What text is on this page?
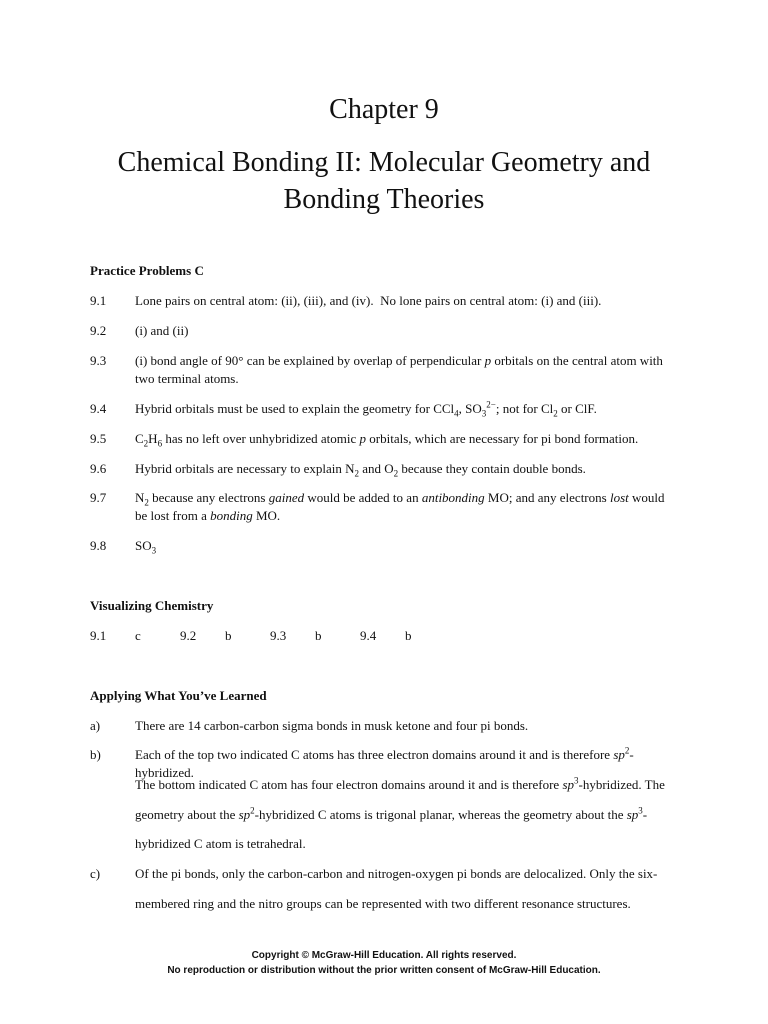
Chapter 9
Chemical Bonding II: Molecular Geometry and
Bonding Theories
Practice Problems C
9.1 Lone pairs on central atom: (ii), (iii), and (iv).  No lone pairs on central atom: (i) and (iii).
9.2 (i) and (ii)
9.3 (i) bond angle of 90° can be explained by overlap of perpendicular p orbitals on the central atom with two terminal atoms.
9.4 Hybrid orbitals must be used to explain the geometry for CCl$_4$, $SO_3^{2-}$; not for $Cl_2$ or ClF.
9.5 $C_2H_6$ has no left over unhybridized atomic p orbitals, which are necessary for pi bond formation.
9.6 Hybrid orbitals are necessary to explain $N_2$ and $O_2$ because they contain double bonds.
9.7 $N_2$ because any electrons gained would be added to an antibonding MO; and any electrons lost would be lost from a bonding MO.
9.8 $SO_3$
Visualizing Chemistry
9.1 c	9.2 b	9.3 b	9.4 b
Applying What You’ve Learned
a)	There are 14 carbon-carbon sigma bonds in musk ketone and four pi bonds.
b)	Each of the top two indicated C atoms has three electron domains around it and is therefore $sp^2$-hybridized.
The bottom indicated C atom has four electron domains around it and is therefore $sp^3$-hybridized. The
geometry about the $sp^2$-hybridized C atoms is trigonal planar, whereas the geometry about the $sp^3-$
hybridized C atom is tetrahedral.
c)	Of the pi bonds, only the carbon-carbon and nitrogen-oxygen pi bonds are delocalized. Only the six-
membered ring and the nitro groups can be represented with two different resonance structures.
Copyright © McGraw-Hill Education. All rights reserved.
No reproduction or distribution without the prior written consent of McGraw-Hill Education.
